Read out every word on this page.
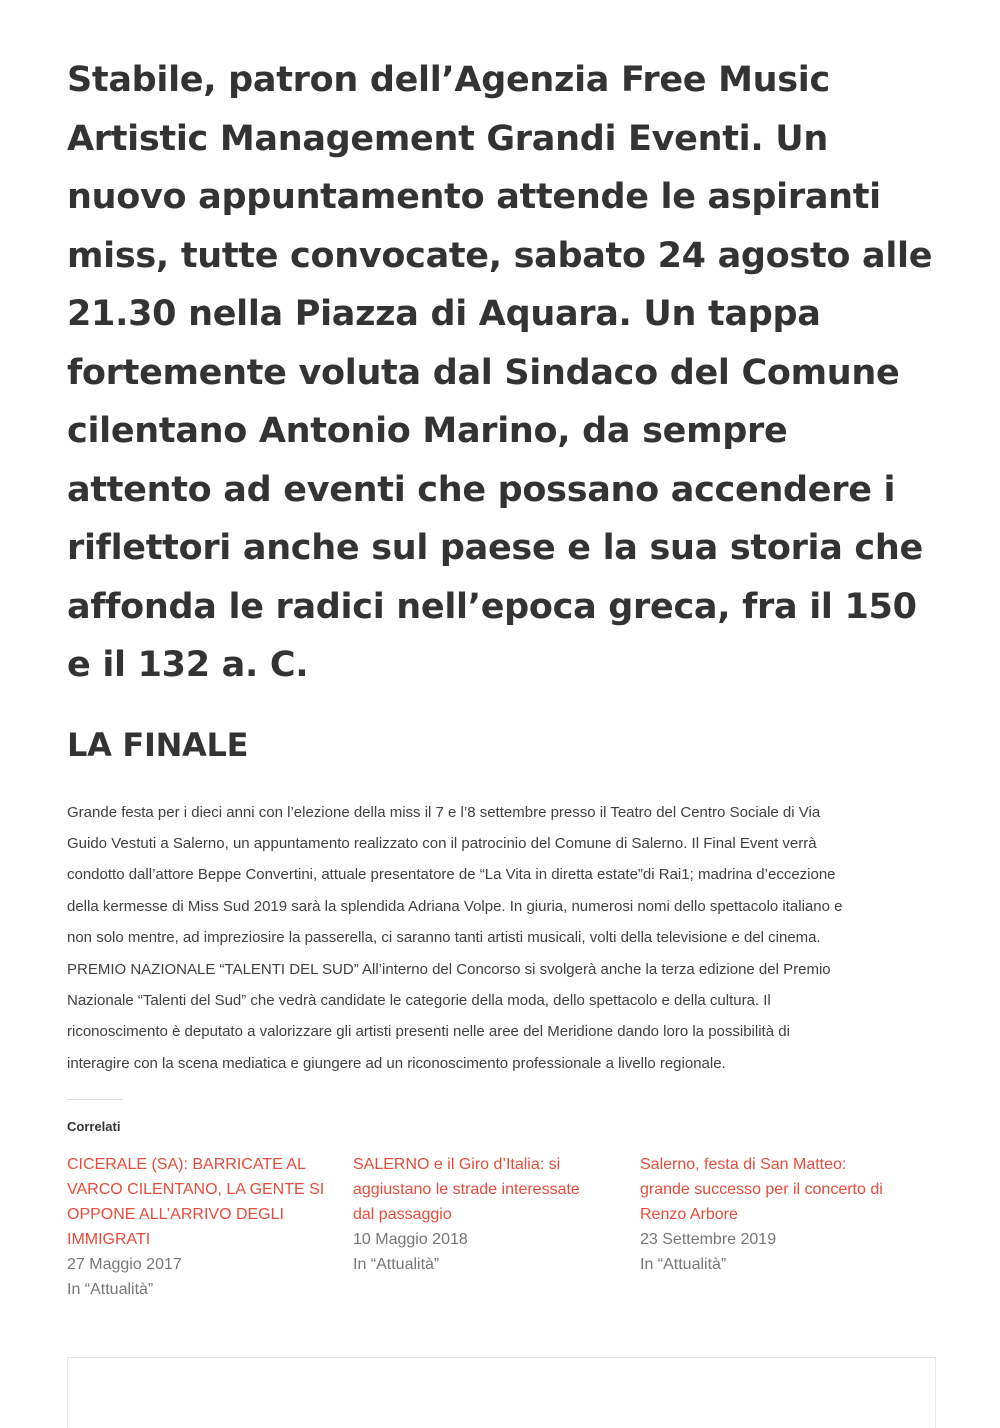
Stabile, patron dell’Agenzia Free Music
Artistic Management Grandi Eventi. Un
nuovo appuntamento attende le aspiranti
miss, tutte convocate, sabato 24 agosto alle
21.30 nella Piazza di Aquara. Un tappa
fortemente voluta dal Sindaco del Comune
cilentano Antonio Marino, da sempre
attento ad eventi che possano accendere i
riflettori anche sul paese e la sua storia che
affonda le radici nell’epoca greca, fra il 150
e il 132 a. C.

LA FINALE

Grande festa per i dieci anni con l’elezione della miss il 7 e l’8 settembre presso il Teatro del Centro Sociale di Via
Guido Vestuti a Salerno, un appuntamento realizzato con il patrocinio del Comune di Salerno. Il Final Event verrà
condotto dall’attore Beppe Convertini, attuale presentatore de “La Vita in diretta estate”di Rai1; madrina d’eccezione
della kermesse di Miss Sud 2019 sarà la splendida Adriana Volpe. In giuria, numerosi nomi dello spettacolo italiano e
non solo mentre, ad impreziosire la passerella, ci saranno tanti artisti musicali, volti della televisione e del cinema.
PREMIO NAZIONALE “TALENTI DEL SUD” All’interno del Concorso si svolgerà anche la terza edizione del Premio
Nazionale “Talenti del Sud” che vedrà candidate le categorie della moda, dello spettacolo e della cultura. Il
riconoscimento è deputato a valorizzare gli artisti presenti nelle aree del Meridione dando loro la possibilità di
interagire con la scena mediatica e giungere ad un riconoscimento professionale a livello regionale.

Correlati
CICERALE (SA): BARRICATE AL
VARCO CILENTANO, LA GENTE SI
OPPONE ALL’ARRIVO DEGLI
IMMIGRATI
27 Maggio 2017
In “Attualità”
SALERNO e il Giro d’Italia: si
aggiustano le strade interessate
dal passaggio
10 Maggio 2018
In “Attualità”
Salerno, festa di San Matteo:
grande successo per il concerto di
Renzo Arbore
23 Settembre 2019
In “Attualità”
